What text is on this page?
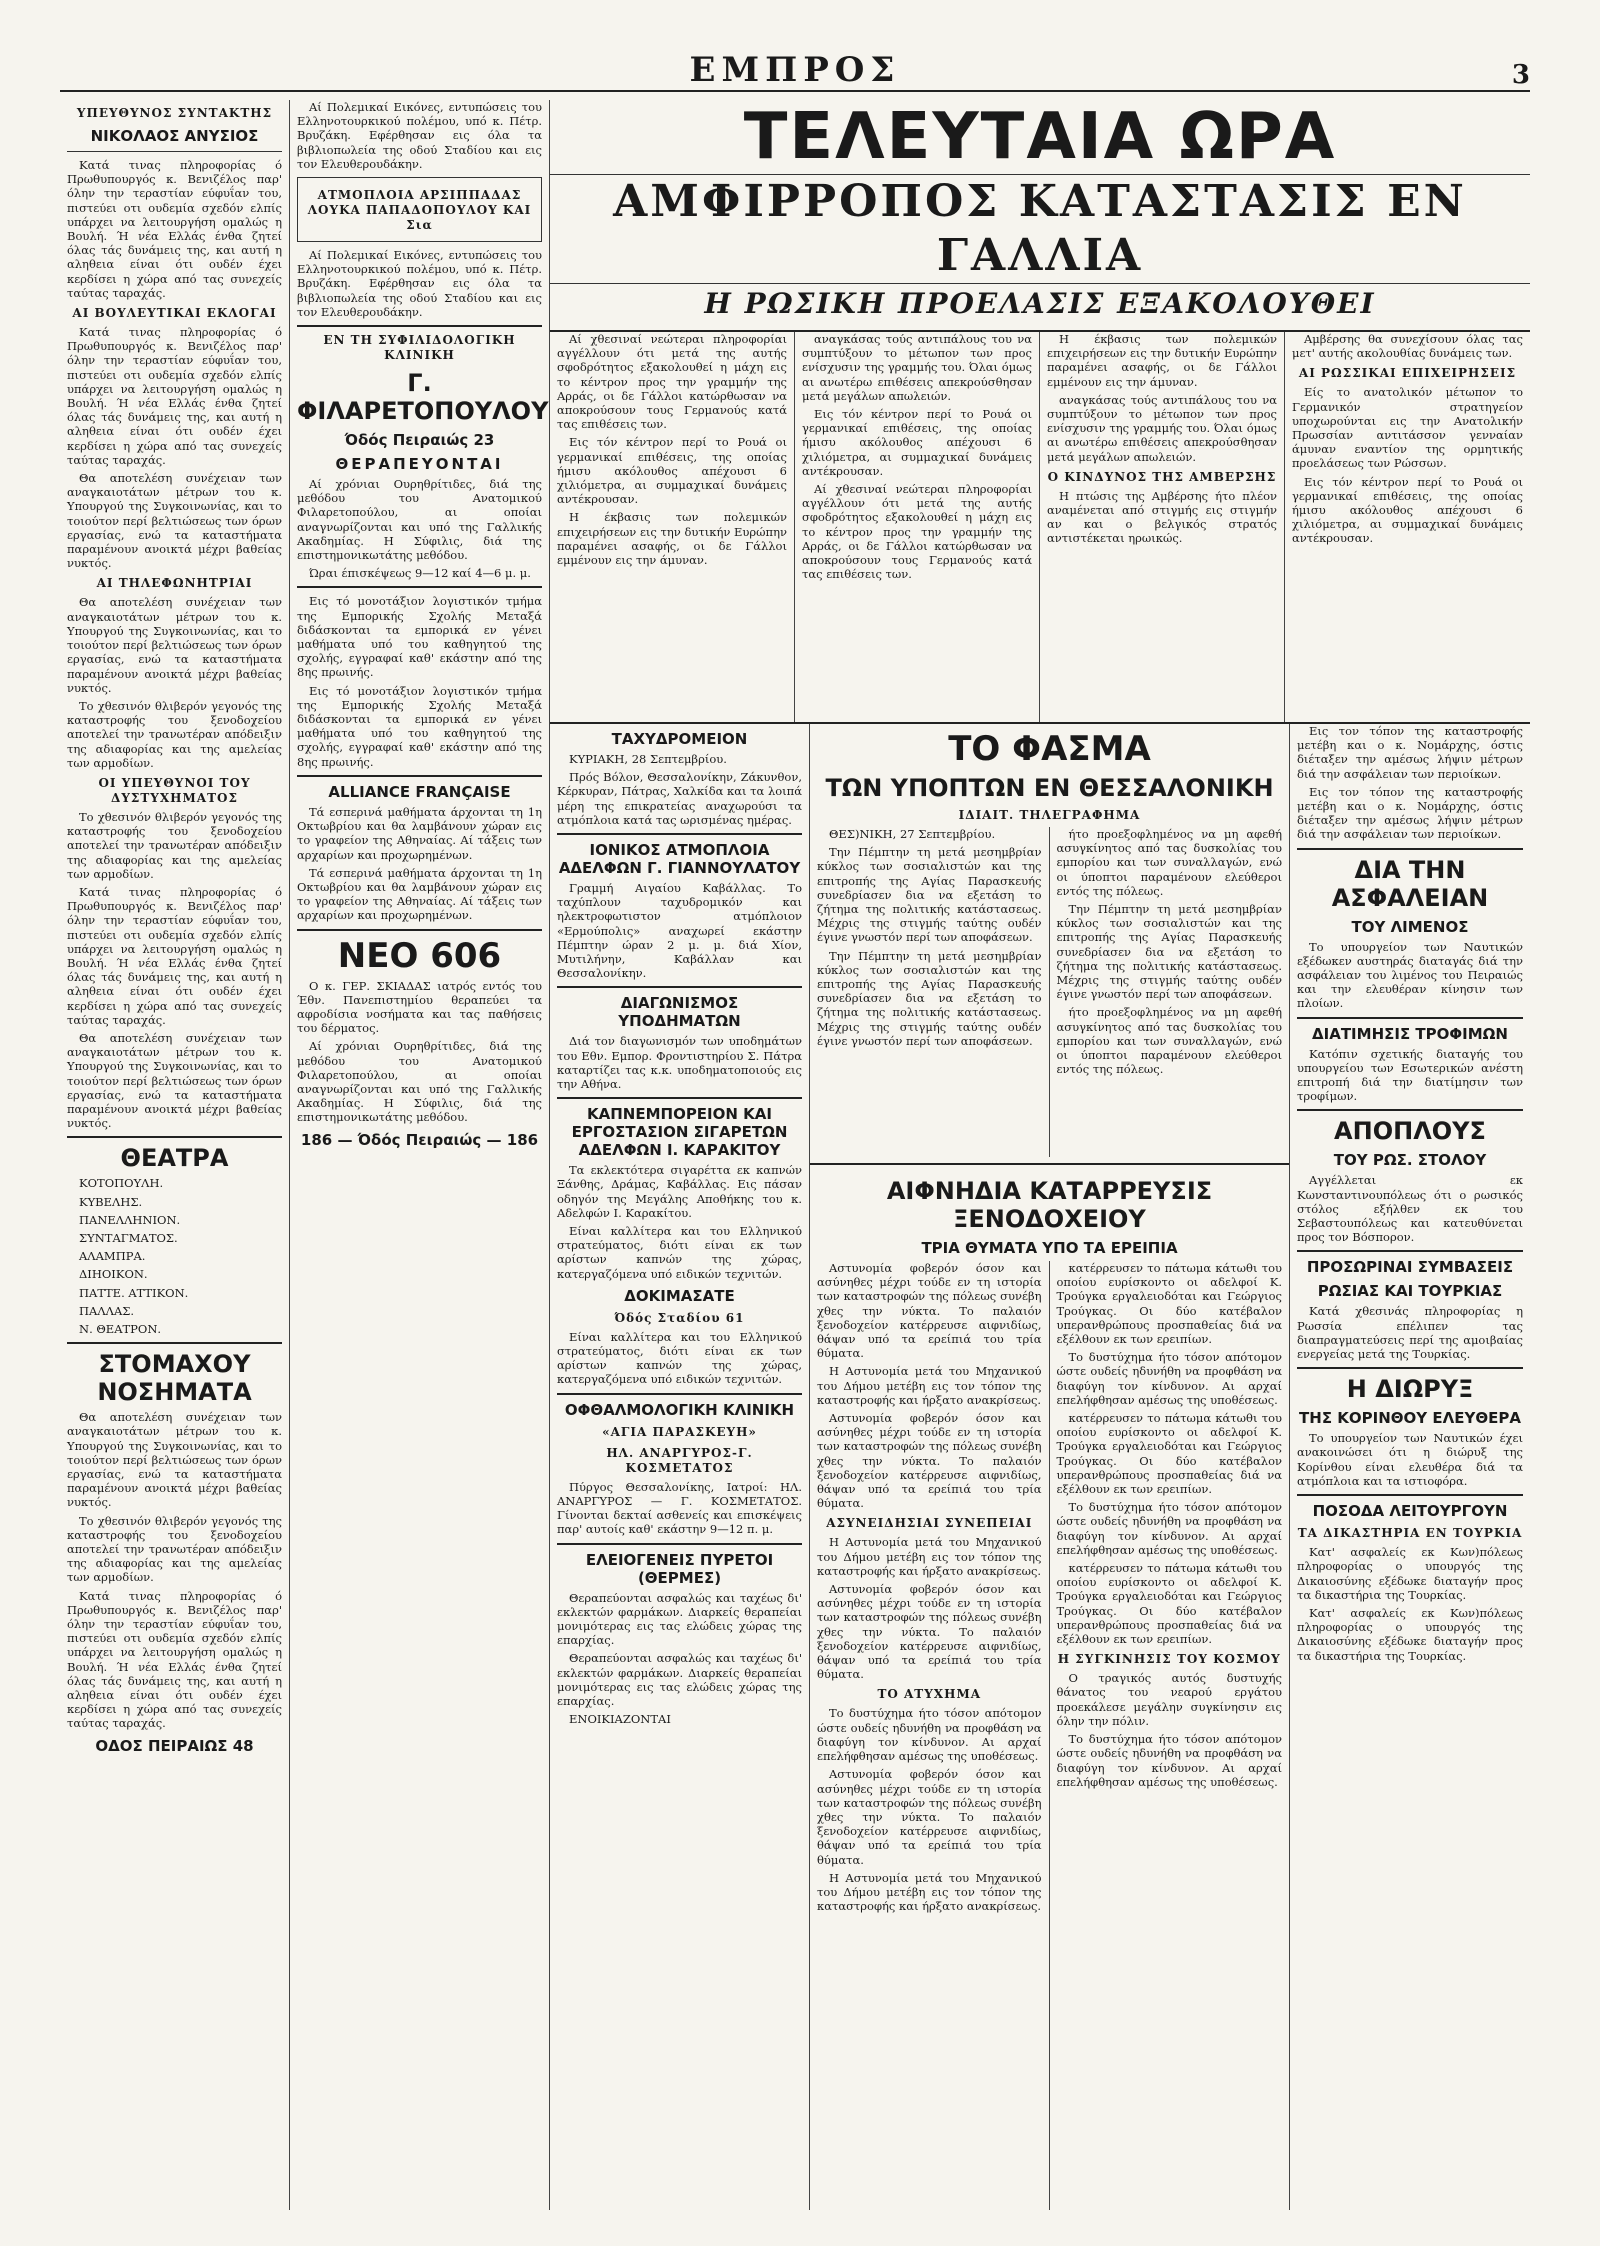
ΕΜΠΡΟΣ	3
ΥΠΕΥΘΥΝΟΣ ΣΥΝΤΑΚΤΗΣ
ΝΙΚΟΛΑΟΣ ΑΝΥΣΙΟΣ

Κατά τινας πληροφορίας ό Πρωθυπουργός κ. Βενιζέλος παρ' όλην την τεραστίαν εύφυΐαν του, πιστεύει οτι ουδεμία σχεδόν ελπίς υπάρχει να λειτουργήση ομαλώς η Βουλή. Ή νέα Ελλάς ένθα ζητεί όλας τάς δυνάμεις της, και αυτή η αληθεια είναι ότι ουδέν έχει κερδίσει η χώρα από τας συνεχείς ταύτας ταραχάς.

ΑΙ ΒΟΥΛΕΥΤΙΚΑΙ ΕΚΛΟΓΑΙ

Κατά τινας πληροφορίας ό Πρωθυπουργός κ. Βενιζέλος παρ' όλην την τεραστίαν εύφυΐαν του, πιστεύει οτι ουδεμία σχεδόν ελπίς υπάρχει να λειτουργήση ομαλώς η Βουλή. Ή νέα Ελλάς ένθα ζητεί όλας τάς δυνάμεις της, και αυτή η αληθεια είναι ότι ουδέν έχει κερδίσει η χώρα από τας συνεχείς ταύτας ταραχάς.

Θα αποτελέση συνέχειαν των αναγκαιοτάτων μέτρων του κ. Υπουργού της Συγκοινωνίας, και το τοιούτον περί βελτιώσεως των όρων εργασίας, ενώ τα καταστήματα παραμένουν ανοικτά μέχρι βαθείας νυκτός.

ΑΙ ΤΗΛΕΦΩΝΗΤΡΙΑΙ

Θα αποτελέση συνέχειαν των αναγκαιοτάτων μέτρων του κ. Υπουργού της Συγκοινωνίας, και το τοιούτον περί βελτιώσεως των όρων εργασίας, ενώ τα καταστήματα παραμένουν ανοικτά μέχρι βαθείας νυκτός.

Το χθεσινόν θλιβερόν γεγονός της καταστροφής του ξενοδοχείου αποτελεί την τρανωτέραν απόδειξιν της αδιαφορίας και της αμελείας των αρμοδίων.

ΟΙ ΥΠΕΥΘΥΝΟΙ ΤΟΥ ΔΥΣΤΥΧΗΜΑΤΟΣ

Το χθεσινόν θλιβερόν γεγονός της καταστροφής του ξενοδοχείου αποτελεί την τρανωτέραν απόδειξιν της αδιαφορίας και της αμελείας των αρμοδίων.

Κατά τινας πληροφορίας ό Πρωθυπουργός κ. Βενιζέλος παρ' όλην την τεραστίαν εύφυΐαν του, πιστεύει οτι ουδεμία σχεδόν ελπίς υπάρχει να λειτουργήση ομαλώς η Βουλή. Ή νέα Ελλάς ένθα ζητεί όλας τάς δυνάμεις της, και αυτή η αληθεια είναι ότι ουδέν έχει κερδίσει η χώρα από τας συνεχείς ταύτας ταραχάς.

Θα αποτελέση συνέχειαν των αναγκαιοτάτων μέτρων του κ. Υπουργού της Συγκοινωνίας, και το τοιούτον περί βελτιώσεως των όρων εργασίας, ενώ τα καταστήματα παραμένουν ανοικτά μέχρι βαθείας νυκτός.

ΘΕΑΤΡΑ

ΚΟΤΟΠΟΥΛΗ.

ΚΥΒΕΛΗΣ.

ΠΑΝΕΛΛΗΝΙΟΝ.

ΣΥΝΤΑΓΜΑΤΟΣ.

ΑΛΑΜΠΡΑ.

ΔΙΗΟΙΚΟΝ.

ΠΑΤΤΕ. ΑΤΤΙΚΟΝ.

ΠΑΛΛΑΣ.

Ν. ΘΕΑΤΡΟΝ.

ΣΤΟΜΑΧΟΥ ΝΟΣΗΜΑΤΑ

Θα αποτελέση συνέχειαν των αναγκαιοτάτων μέτρων του κ. Υπουργού της Συγκοινωνίας, και το τοιούτον περί βελτιώσεως των όρων εργασίας, ενώ τα καταστήματα παραμένουν ανοικτά μέχρι βαθείας νυκτός.

Το χθεσινόν θλιβερόν γεγονός της καταστροφής του ξενοδοχείου αποτελεί την τρανωτέραν απόδειξιν της αδιαφορίας και της αμελείας των αρμοδίων.

Κατά τινας πληροφορίας ό Πρωθυπουργός κ. Βενιζέλος παρ' όλην την τεραστίαν εύφυΐαν του, πιστεύει οτι ουδεμία σχεδόν ελπίς υπάρχει να λειτουργήση ομαλώς η Βουλή. Ή νέα Ελλάς ένθα ζητεί όλας τάς δυνάμεις της, και αυτή η αληθεια είναι ότι ουδέν έχει κερδίσει η χώρα από τας συνεχείς ταύτας ταραχάς.

ΟΔΟΣ ΠΕΙΡΑΙΩΣ 48

Αί Πολεμικαί Εικόνες, εντυπώσεις του Ελληνοτουρκικού πολέμου, υπό κ. Πέτρ. Βρυζάκη. Εφέρθησαν εις όλα τα βιβλιοπωλεία της οδού Σταδίου και εις τον Ελευθερουδάκην.

ΑΤΜΟΠΛΟΙΑ ΑΡΣΙΠΠΑΔΑΣ ΛΟΥΚΑ ΠΑΠΑΔΟΠΟΥΛΟΥ ΚΑΙ Σια

Αί Πολεμικαί Εικόνες, εντυπώσεις του Ελληνοτουρκικού πολέμου, υπό κ. Πέτρ. Βρυζάκη. Εφέρθησαν εις όλα τα βιβλιοπωλεία της οδού Σταδίου και εις τον Ελευθερουδάκην.

ΕΝ ΤΗ ΣΥΦΙΛΙΔΟΛΟΓΙΚΗ ΚΛΙΝΙΚΗ
Γ. ΦΙΛΑΡΕΤΟΠΟΥΛΟΥ
Όδός Πειραιώς 23
ΘΕΡΑΠΕΥΟΝΤΑΙ

Αί χρόνιαι Ουρηθρίτιδες, διά της μεθόδου του Ανατομικού Φιλαρετοπούλου, αι οποίαι αναγνωρίζονται και υπό της Γαλλικής Ακαδημίας. Η Σύφιλις, διά της επιστημονικωτάτης μεθόδου.

Ώραι έπισκέψεως 9—12 καί 4—6 μ. μ.

Εις τό μονοτάξιον λογιστικόν τμήμα της Εμπορικής Σχολής Μεταξά διδάσκονται τα εμπορικά εν γένει μαθήματα υπό του καθηγητού της σχολής, εγγραφαί καθ' εκάστην από της 8ης πρωινής.

Εις τό μονοτάξιον λογιστικόν τμήμα της Εμπορικής Σχολής Μεταξά διδάσκονται τα εμπορικά εν γένει μαθήματα υπό του καθηγητού της σχολής, εγγραφαί καθ' εκάστην από της 8ης πρωινής.

ALLIANCE FRANÇAISE

Τά εσπερινά μαθήματα άρχονται τη 1η Οκτωβρίου και θα λαμβάνουν χώραν εις το γραφείον της Αθηναίας. Αί τάξεις των αρχαρίων και προχωρημένων.

Τά εσπερινά μαθήματα άρχονται τη 1η Οκτωβρίου και θα λαμβάνουν χώραν εις το γραφείον της Αθηναίας. Αί τάξεις των αρχαρίων και προχωρημένων.

ΝΕΟ 606

Ο κ. ΓΕΡ. ΣΚΙΑΔΑΣ ιατρός εντός του Έθν. Πανεπιστημίου θεραπεύει τα αφροδίσια νοσήματα και τας παθήσεις του δέρματος.

Αί χρόνιαι Ουρηθρίτιδες, διά της μεθόδου του Ανατομικού Φιλαρετοπούλου, αι οποίαι αναγνωρίζονται και υπό της Γαλλικής Ακαδημίας. Η Σύφιλις, διά της επιστημονικωτάτης μεθόδου.

186 — Όδός Πειραιώς — 186
ΤΕΛΕΥΤΑΙΑ ΩΡΑ
ΑΜΦΙΡΡΟΠΟΣ ΚΑΤΑΣΤΑΣΙΣ ΕΝ ΓΑΛΛΙΑ
Η ΡΩΣΙΚΗ ΠΡΟΕΛΑΣΙΣ ΕΞΑΚΟΛΟΥΘΕΙ

Αί χθεσιναί νεώτεραι πληροφορίαι αγγέλλουν ότι μετά της αυτής σφοδρότητος εξακολουθεί η μάχη εις το κέντρον προς την γραμμήν της Αρράς, οι δε Γάλλοι κατώρθωσαν να αποκρούσουν τους Γερμανούς κατά τας επιθέσεις των.

Εις τόν κέντρον περί το Ρουά οι γερμανικαί επιθέσεις, της οποίας ήμισυ ακόλουθος απέχουσι 6 χιλιόμετρα, αι συμμαχικαί δυνάμεις αντέκρουσαν.

Η έκβασις των πολεμικών επιχειρήσεων εις την δυτικήν Ευρώπην παραμένει ασαφής, οι δε Γάλλοι εμμένουν εις την άμυναν.

αναγκάσας τούς αντιπάλους του να συμπτύξουν το μέτωπον των προς ενίσχυσιν της γραμμής του. Όλαι όμως αι ανωτέρω επιθέσεις απεκρούσθησαν μετά μεγάλων απωλειών.

Εις τόν κέντρον περί το Ρουά οι γερμανικαί επιθέσεις, της οποίας ήμισυ ακόλουθος απέχουσι 6 χιλιόμετρα, αι συμμαχικαί δυνάμεις αντέκρουσαν.

Αί χθεσιναί νεώτεραι πληροφορίαι αγγέλλουν ότι μετά της αυτής σφοδρότητος εξακολουθεί η μάχη εις το κέντρον προς την γραμμήν της Αρράς, οι δε Γάλλοι κατώρθωσαν να αποκρούσουν τους Γερμανούς κατά τας επιθέσεις των.

Η έκβασις των πολεμικών επιχειρήσεων εις την δυτικήν Ευρώπην παραμένει ασαφής, οι δε Γάλλοι εμμένουν εις την άμυναν.

αναγκάσας τούς αντιπάλους του να συμπτύξουν το μέτωπον των προς ενίσχυσιν της γραμμής του. Όλαι όμως αι ανωτέρω επιθέσεις απεκρούσθησαν μετά μεγάλων απωλειών.

Ο ΚΙΝΔΥΝΟΣ ΤΗΣ ΑΜΒΕΡΣΗΣ

Η πτώσις της Αμβέρσης ήτο πλέον αναμένεται από στιγμής εις στιγμήν αν και ο βελγικός στρατός αντιστέκεται ηρωικώς.

Αμβέρσης θα συνεχίσουν όλας τας μετ' αυτής ακολουθίας δυνάμεις των.

ΑΙ ΡΩΣΣΙΚΑΙ ΕΠΙΧΕΙΡΗΣΕΙΣ

Είς το ανατολικόν μέτωπον το Γερμανικόν στρατηγείον υποχωρούνται εις την Ανατολικήν Πρωσσίαν αντιτάσσον γενναίαν άμυναν εναντίον της ορμητικής προελάσεως των Ρώσσων.

Εις τόν κέντρον περί το Ρουά οι γερμανικαί επιθέσεις, της οποίας ήμισυ ακόλουθος απέχουσι 6 χιλιόμετρα, αι συμμαχικαί δυνάμεις αντέκρουσαν.

ΤΑΧΥΔΡΟΜΕΙΟΝ

ΚΥΡΙΑΚΗ, 28 Σεπτεμβρίου.

Πρός Βόλον, Θεσσαλονίκην, Ζάκυνθον, Κέρκυραν, Πάτρας, Χαλκίδα και τα λοιπά μέρη της επικρατείας αναχωρούσι τα ατμόπλοια κατά τας ωρισμένας ημέρας.

ΙΟΝΙΚΟΣ ΑΤΜΟΠΛΟΙΑ ΑΔΕΛΦΩΝ Γ. ΓΙΑΝΝΟΥΛΑΤΟΥ

Γραμμή Αιγαίου Καβάλλας. Το ταχύπλουν ταχυδρομικόν και ηλεκτροφωτιστον ατμόπλοιον «Ερμούπολις» αναχωρεί εκάστην Πέμπτην ώραν 2 μ. μ. διά Χίον, Μυτιλήνην, Καβάλλαν και Θεσσαλονίκην.

ΔΙΑΓΩΝΙΣΜΟΣ ΥΠΟΔΗΜΑΤΩΝ

Διά τον διαγωνισμόν των υποδημάτων του Εθν. Εμπορ. Φροντιστηρίου Σ. Πάτρα καταρτίζει τας κ.κ. υποδηματοποιούς εις την Αθήνα.

ΚΑΠΝΕΜΠΟΡΕΙΟΝ ΚΑΙ ΕΡΓΟΣΤΑΣΙΟΝ ΣΙΓΑΡΕΤΩΝ ΑΔΕΛΦΩΝ Ι. ΚΑΡΑΚΙΤΟΥ

Τα εκλεκτότερα σιγαρέττα εκ καπνών Ξάνθης, Δράμας, Καβάλλας. Εις πάσαν οδηγόν της Μεγάλης Αποθήκης του κ. Αδελφών Ι. Καρακίτου.

Είναι καλλίτερα και του Ελληνικού στρατεύματος, διότι είναι εκ των αρίστων καπνών της χώρας, κατεργαζόμενα υπό ειδικών τεχνιτών.

ΔΟΚΙΜΑΣΑΤΕ
Όδός Σταδίου 61

Είναι καλλίτερα και του Ελληνικού στρατεύματος, διότι είναι εκ των αρίστων καπνών της χώρας, κατεργαζόμενα υπό ειδικών τεχνιτών.

ΟΦΘΑΛΜΟΛΟΓΙΚΗ ΚΛΙΝΙΚΗ
«ΑΓΙΑ ΠΑΡΑΣΚΕΥΗ»
ΗΛ. ΑΝΑΡΓΥΡΟΣ-Γ. ΚΟΣΜΕΤΑΤΟΣ

Πύργος Θεσσαλονίκης, Ιατροί: ΗΛ. ΑΝΑΡΓΥΡΟΣ — Γ. ΚΟΣΜΕΤΑΤΟΣ. Γίνονται δεκταί ασθενείς και επισκέψεις παρ' αυτοίς καθ' εκάστην 9—12 π. μ.

ΕΛΕΙΟΓΕΝΕΙΣ ΠΥΡΕΤΟΙ (ΘΕΡΜΕΣ)

Θεραπεύονται ασφαλώς και ταχέως δι' εκλεκτών φαρμάκων. Διαρκείς θεραπείαι μονιμότερας εις τας ελώδεις χώρας της επαρχίας.

Θεραπεύονται ασφαλώς και ταχέως δι' εκλεκτών φαρμάκων. Διαρκείς θεραπείαι μονιμότερας εις τας ελώδεις χώρας της επαρχίας.

ΕΝΟΙΚΙΑΖΟΝΤΑΙ

ΤΟ ΦΑΣΜΑ
ΤΩΝ ΥΠΟΠΤΩΝ ΕΝ ΘΕΣΣΑΛΟΝΙΚΗ
ΙΔΙΑΙΤ. ΤΗΛΕΓΡΑΦΗΜΑ

ΘΕΣ)ΝΙΚΗ, 27 Σεπτεμβρίου.

Την Πέμπτην τη μετά μεσημβρίαν κύκλος των σοσιαλιστών και της επιτροπής της Αγίας Παρασκευής συνεδρίασεν δια να εξετάση το ζήτημα της πολιτικής κατάστασεως. Μέχρις της στιγμής ταύτης ουδέν έγινε γνωστόν περί των αποφάσεων.

Την Πέμπτην τη μετά μεσημβρίαν κύκλος των σοσιαλιστών και της επιτροπής της Αγίας Παρασκευής συνεδρίασεν δια να εξετάση το ζήτημα της πολιτικής κατάστασεως. Μέχρις της στιγμής ταύτης ουδέν έγινε γνωστόν περί των αποφάσεων.

ήτο προεξοφλημένος να μη αφεθή ασυγκίνητος από τας δυσκολίας του εμπορίου και των συναλλαγών, ενώ οι ύποπτοι παραμένουν ελεύθεροι εντός της πόλεως.

Την Πέμπτην τη μετά μεσημβρίαν κύκλος των σοσιαλιστών και της επιτροπής της Αγίας Παρασκευής συνεδρίασεν δια να εξετάση το ζήτημα της πολιτικής κατάστασεως. Μέχρις της στιγμής ταύτης ουδέν έγινε γνωστόν περί των αποφάσεων.

ήτο προεξοφλημένος να μη αφεθή ασυγκίνητος από τας δυσκολίας του εμπορίου και των συναλλαγών, ενώ οι ύποπτοι παραμένουν ελεύθεροι εντός της πόλεως.

ΑΙΦΝΗΔΙΑ ΚΑΤΑΡΡΕΥΣΙΣ ΞΕΝΟΔΟΧΕΙΟΥ
ΤΡΙΑ ΘΥΜΑΤΑ ΥΠΟ ΤΑ ΕΡΕΙΠΙΑ

Αστυνομία φοβερόν όσον και ασύνηθες μέχρι τούδε εν τη ιστορία των καταστροφών της πόλεως συνέβη χθες την νύκτα. Το παλαιόν ξενοδοχείον κατέρρευσε αιφνιδίως, θάψαν υπό τα ερείπιά του τρία θύματα.

Η Αστυνομία μετά του Μηχανικού του Δήμου μετέβη εις τον τόπον της καταστροφής και ήρξατο ανακρίσεως.

Αστυνομία φοβερόν όσον και ασύνηθες μέχρι τούδε εν τη ιστορία των καταστροφών της πόλεως συνέβη χθες την νύκτα. Το παλαιόν ξενοδοχείον κατέρρευσε αιφνιδίως, θάψαν υπό τα ερείπιά του τρία θύματα.

ΑΣΥΝΕΙΔΗΣΙΑΙ ΣΥΝΕΠΕΙΑΙ

Η Αστυνομία μετά του Μηχανικού του Δήμου μετέβη εις τον τόπον της καταστροφής και ήρξατο ανακρίσεως.

Αστυνομία φοβερόν όσον και ασύνηθες μέχρι τούδε εν τη ιστορία των καταστροφών της πόλεως συνέβη χθες την νύκτα. Το παλαιόν ξενοδοχείον κατέρρευσε αιφνιδίως, θάψαν υπό τα ερείπιά του τρία θύματα.

ΤΟ ΑΤΥΧΗΜΑ

Το δυστύχημα ήτο τόσον απότομον ώστε ουδείς ηδυνήθη να προφθάση να διαφύγη τον κίνδυνον. Αι αρχαί επελήφθησαν αμέσως της υποθέσεως.

Αστυνομία φοβερόν όσον και ασύνηθες μέχρι τούδε εν τη ιστορία των καταστροφών της πόλεως συνέβη χθες την νύκτα. Το παλαιόν ξενοδοχείον κατέρρευσε αιφνιδίως, θάψαν υπό τα ερείπιά του τρία θύματα.

Η Αστυνομία μετά του Μηχανικού του Δήμου μετέβη εις τον τόπον της καταστροφής και ήρξατο ανακρίσεως.

κατέρρευσεν το πάτωμα κάτωθι του οποίου ευρίσκοντο οι αδελφοί Κ. Τρούγκα εργαλειοδόται και Γεώργιος Τρούγκας. Οι δύο κατέβαλον υπερανθρώπους προσπαθείας διά να εξέλθουν εκ των ερειπίων.

Το δυστύχημα ήτο τόσον απότομον ώστε ουδείς ηδυνήθη να προφθάση να διαφύγη τον κίνδυνον. Αι αρχαί επελήφθησαν αμέσως της υποθέσεως.

κατέρρευσεν το πάτωμα κάτωθι του οποίου ευρίσκοντο οι αδελφοί Κ. Τρούγκα εργαλειοδόται και Γεώργιος Τρούγκας. Οι δύο κατέβαλον υπερανθρώπους προσπαθείας διά να εξέλθουν εκ των ερειπίων.

Το δυστύχημα ήτο τόσον απότομον ώστε ουδείς ηδυνήθη να προφθάση να διαφύγη τον κίνδυνον. Αι αρχαί επελήφθησαν αμέσως της υποθέσεως.

κατέρρευσεν το πάτωμα κάτωθι του οποίου ευρίσκοντο οι αδελφοί Κ. Τρούγκα εργαλειοδόται και Γεώργιος Τρούγκας. Οι δύο κατέβαλον υπερανθρώπους προσπαθείας διά να εξέλθουν εκ των ερειπίων.

Η ΣΥΓΚΙΝΗΣΙΣ ΤΟΥ ΚΟΣΜΟΥ

Ο τραγικός αυτός δυστυχής θάνατος του νεαρού εργάτου προεκάλεσε μεγάλην συγκίνησιν εις όλην την πόλιν.

Το δυστύχημα ήτο τόσον απότομον ώστε ουδείς ηδυνήθη να προφθάση να διαφύγη τον κίνδυνον. Αι αρχαί επελήφθησαν αμέσως της υποθέσεως.

Εις τον τόπον της καταστροφής μετέβη και ο κ. Νομάρχης, όστις διέταξεν την αμέσως λήψιν μέτρων διά την ασφάλειαν των περιοίκων.

Εις τον τόπον της καταστροφής μετέβη και ο κ. Νομάρχης, όστις διέταξεν την αμέσως λήψιν μέτρων διά την ασφάλειαν των περιοίκων.

ΔΙΑ ΤΗΝ ΑΣΦΑΛΕΙΑΝ
ΤΟΥ ΛΙΜΕΝΟΣ

Το υπουργείον των Ναυτικών εξέδωκεν αυστηράς διαταγάς διά την ασφάλειαν του λιμένος του Πειραιώς και την ελευθέραν κίνησιν των πλοίων.

ΔΙΑΤΙΜΗΣΙΣ ΤΡΟΦΙΜΩΝ

Κατόπιν σχετικής διαταγής του υπουργείου των Εσωτερικών ανέστη επιτροπή διά την διατίμησιν των τροφίμων.

ΑΠΟΠΛΟΥΣ
ΤΟΥ ΡΩΣ. ΣΤΟΛΟΥ

Αγγέλλεται εκ Κωνσταντινουπόλεως ότι ο ρωσικός στόλος εξήλθεν εκ του Σεβαστουπόλεως και κατευθύνεται προς τον Βόσπορον.

ΠΡΟΣΩΡΙΝΑΙ ΣΥΜΒΑΣΕΙΣ
ΡΩΣΙΑΣ ΚΑΙ ΤΟΥΡΚΙΑΣ

Κατά χθεσινάς πληροφορίας η Ρωσσία επέλιπεν τας διαπραγματεύσεις περί της αμοιβαίας ενεργείας μετά της Τουρκίας.

Η ΔΙΩΡΥΞ
ΤΗΣ ΚΟΡΙΝΘΟΥ ΕΛΕΥΘΕΡΑ

Το υπουργείον των Ναυτικών έχει ανακοινώσει ότι η διώρυξ της Κορίνθου είναι ελευθέρα διά τα ατμόπλοια και τα ιστιοφόρα.

ΠΟΣΟΔΑ ΛΕΙΤΟΥΡΓΟΥΝ
ΤΑ ΔΙΚΑΣΤΗΡΙΑ ΕΝ ΤΟΥΡΚΙΑ

Κατ' ασφαλείς εκ Κων)πόλεως πληροφορίας ο υπουργός της Δικαιοσύνης εξέδωκε διαταγήν προς τα δικαστήρια της Τουρκίας.

Κατ' ασφαλείς εκ Κων)πόλεως πληροφορίας ο υπουργός της Δικαιοσύνης εξέδωκε διαταγήν προς τα δικαστήρια της Τουρκίας.
